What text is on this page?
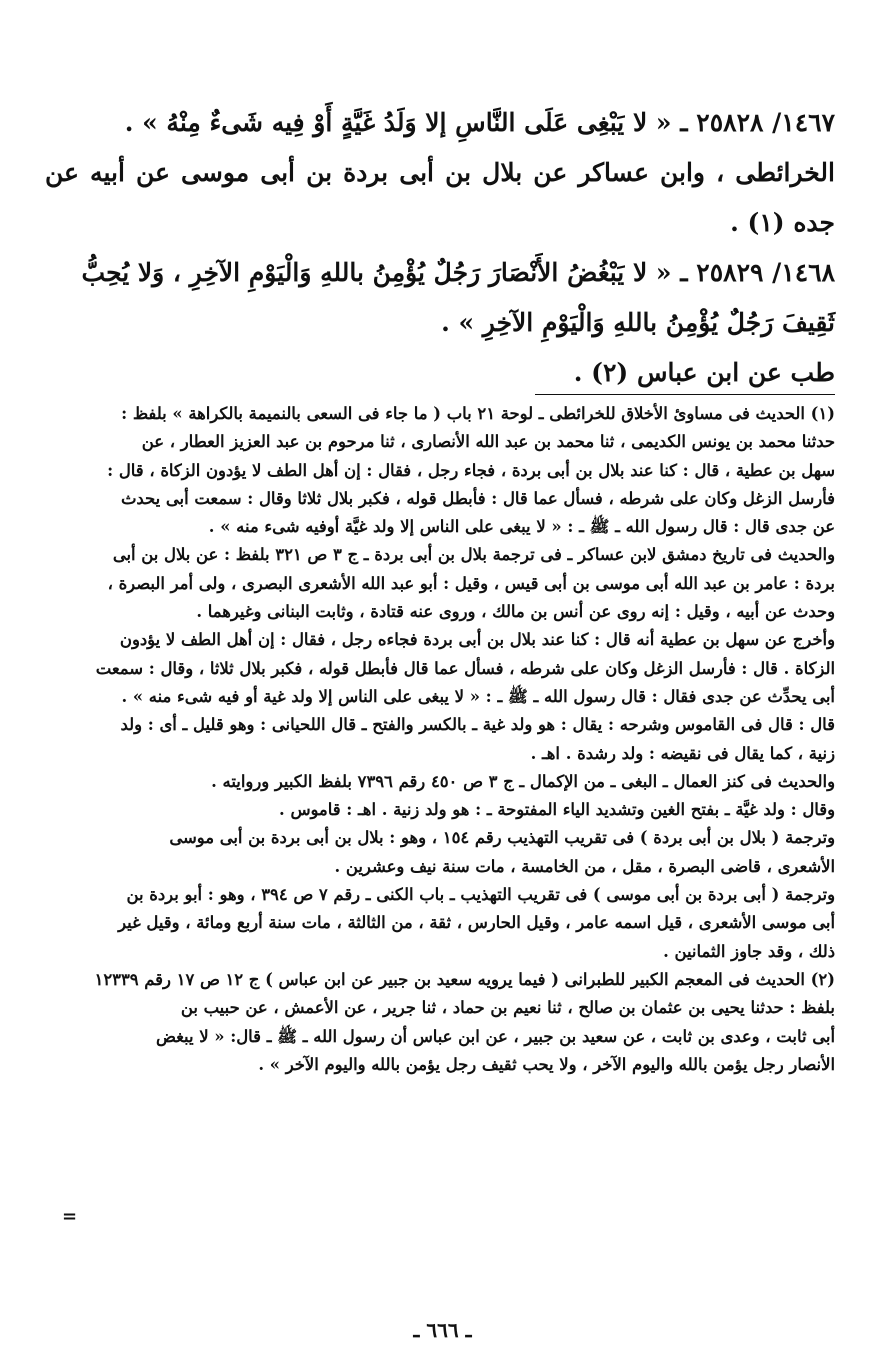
١٤٦٧/ ٢٥٨٢٨ ـ « لا يَبْغِى عَلَى النَّاسِ إلا وَلَدُ غَيَّةٍ أَوْ فِيه شَىءٌ مِنْهُ » .

الخرائطى ، وابن عساكر عن بلال بن أبى بردة بن أبى موسى عن أبيه عن جده (١) .

١٤٦٨/ ٢٥٨٢٩ ـ « لا يَبْغُضُ الأَنْصَارَ رَجُلٌ يُؤْمِنُ باللهِ وَالْيَوْمِ الآخِرِ ، وَلا يُحِبُّ

ثَقِيفَ رَجُلٌ يُؤْمِنُ باللهِ وَالْيَوْمِ الآخِرِ » .

طب عن ابن عباس (٢) .

(١) الحديث فى مساوئ الأخلاق للخرائطى ـ لوحة ٢١ باب ( ما جاء فى السعى بالنميمة بالكراهة » بلفظ :

حدثنا محمد بن يونس الكديمى ، ثنا محمد بن عبد الله الأنصارى ، ثنا مرحوم بن عبد العزيز العطار ، عن

سهل بن عطية ، قال : كنا عند بلال بن أبى بردة ، فجاء رجل ، فقال : إن أهل الطف لا يؤدون الزكاة ، قال :

فأرسل الزغل وكان على شرطه ، فسأل عما قال : فأبطل قوله ، فكبر بلال ثلاثا وقال : سمعت أبى يحدث

عن جدى قال : قال رسول الله ـ ﷺ ـ : « لا يبغى على الناس إلا ولد غيَّة أوفيه شىء منه » .

والحديث فى تاريخ دمشق لابن عساكر ـ فى ترجمة بلال بن أبى بردة ـ ج ٣ ص ٣٢١ بلفظ : عن بلال بن أبى

بردة : عامر بن عبد الله أبى موسى بن أبى قيس ، وقيل : أبو عبد الله الأشعرى البصرى ، ولى أمر البصرة ،

وحدث عن أبيه ، وقيل : إنه روى عن أنس بن مالك ، وروى عنه قتادة ، وثابت البنانى وغيرهما .

وأخرج عن سهل بن عطية أنه قال : كنا عند بلال بن أبى بردة فجاءه رجل ، فقال : إن أهل الطف لا يؤدون

الزكاة . قال : فأرسل الزغل وكان على شرطه ، فسأل عما قال فأبطل قوله ، فكبر بلال ثلاثا ، وقال : سمعت

أبى يحدِّث عن جدى فقال : قال رسول الله ـ ﷺ ـ : « لا يبغى على الناس إلا ولد غية أو فيه شىء منه » .

قال : قال فى القاموس وشرحه : يقال : هو ولد غية ـ بالكسر والفتح ـ قال اللحيانى : وهو قليل ـ أى : ولد

زنية ، كما يقال فى نقيضه : ولد رشدة . اهـ .

والحديث فى كنز العمال ـ البغى ـ من الإكمال ـ ج ٣ ص ٤٥٠ رقم ٧٣٩٦ بلفظ الكبير وروايته .

وقال : ولد غيَّة ـ بفتح الغين وتشديد الياء المفتوحة ـ : هو ولد زنية . اهـ : قاموس .

وترجمة ( بلال بن أبى بردة ) فى تقريب التهذيب رقم ١٥٤ ، وهو : بلال بن أبى بردة بن أبى موسى

الأشعرى ، قاضى البصرة ، مقل ، من الخامسة ، مات سنة نيف وعشرين .

وترجمة ( أبى بردة بن أبى موسى ) فى تقريب التهذيب ـ باب الكنى ـ رقم ٧ ص ٣٩٤ ، وهو : أبو بردة بن

أبى موسى الأشعرى ، قيل اسمه عامر ، وقيل الحارس ، ثقة ، من الثالثة ، مات سنة أربع ومائة ، وقيل غير

ذلك ، وقد جاوز الثمانين .

(٢) الحديث فى المعجم الكبير للطبرانى ( فيما يرويه سعيد بن جبير عن ابن عباس ) ج ١٢ ص ١٧ رقم ١٢٣٣٩

بلفظ : حدثنا يحيى بن عثمان بن صالح ، ثنا نعيم بن حماد ، ثنا جرير ، عن الأعمش ، عن حبيب بن

أبى ثابت ، وعدى بن ثابت ، عن سعيد بن جبير ، عن ابن عباس أن رسول الله ـ ﷺ ـ قال: « لا يبغض

الأنصار رجل يؤمن بالله واليوم الآخر ، ولا يحب ثقيف رجل يؤمن بالله واليوم الآخر » .

=
ـ ٦٦٦ ـ
